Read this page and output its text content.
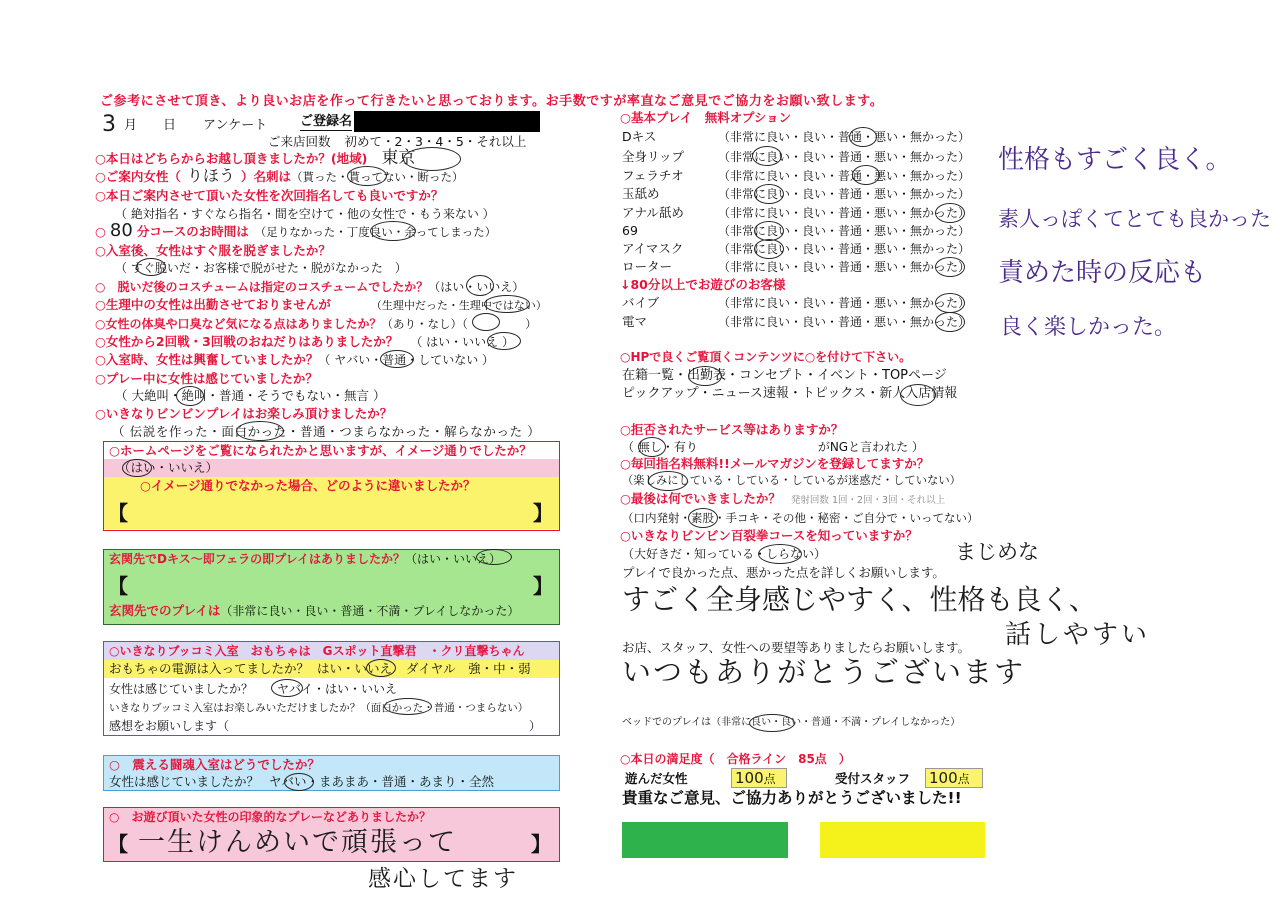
ご参考にさせて頂き、より良いお店を作って行きたいと思っております。お手数ですが率直なご意見でご協力をお願い致します。
3 月 日 アンケート	ご登録名
ご来店回数 初めて・2・3・4・5・それ以上
○本日はどちらからお越し頂きましたか？(地域) 東京
○ご案内女性（ りほう ）名刺は（貰った・貰ってない・断った）
○本日ご案内させて頂いた女性を次回指名しても良いですか？
（ 絶対指名・すぐなら指名・間を空けて・他の女性で・もう来ない ）
○ 80 分コースのお時間は （足りなかった・丁度良い・余ってしまった）
○入室後、女性はすぐ服を脱ぎましたか？
（ すぐ脱いだ・お客様で脱がせた・脱がなかった　）
○　脱いだ後のコスチュームは指定のコスチュームでしたか？（はい・いいえ）
○生理中の女性は出勤させておりませんが	（生理中だった・生理中ではない）
○女性の体臭や口臭など気になる点はありましたか？（あり・なし）（　　　　　）
○女性から2回戦・3回戦のおねだりはありましたか？ （ はい・いいえ ）
○入室時、女性は興奮していましたか？（ ヤバい・普通・していない ）
○プレー中に女性は感じていましたか？
（ 大絶叫・絶叫・普通・そうでもない・無言 ）
○いきなりビンビンプレイはお楽しみ頂けましたか？
（ 伝説を作った・面白かった・普通・つまらなかった・解らなかった ）
○ホームページをご覧になられたかと思いますが、イメージ通りでしたか？
（はい・いいえ）
○イメージ通りでなかった場合、どのように違いましたか？
【	】
玄関先でDキス〜即フェラの即プレイはありましたか？（はい・いいえ）
【	】
玄関先でのプレイは（非常に良い・良い・普通・不満・プレイしなかった）
○いきなりブッコミ入室　おもちゃは　Gスポット直撃君　・クリ直撃ちゃん
おもちゃの電源は入ってましたか？ はい・いいえ ダイヤル　強・中・弱
女性は感じていましたか？ ヤバイ・はい・いいえ
いきなりブッコミ入室はお楽しみいただけましたか？（面白かった・普通・つまらない）
感想をお願いします（	）
○　震える闘魂入室はどうでしたか？
女性は感じていましたか？ ヤバい・まあまあ・普通・あまり・全然
○　お遊び頂いた女性の印象的なプレーなどありましたか？
【 一生けんめいで頑張って	】
感心してます
○基本プレイ　無料オプション
Dキス	（非常に良い・良い・普通・悪い・無かった）
全身リップ	（非常に良い・良い・普通・悪い・無かった）
フェラチオ	（非常に良い・良い・普通・悪い・無かった）
玉舐め	（非常に良い・良い・普通・悪い・無かった）
アナル舐め	（非常に良い・良い・普通・悪い・無かった）
69	（非常に良い・良い・普通・悪い・無かった）
アイマスク	（非常に良い・良い・普通・悪い・無かった）
ローター	（非常に良い・良い・普通・悪い・無かった）
↓80分以上でお遊びのお客様
バイブ	（非常に良い・良い・普通・悪い・無かった）
電マ	（非常に良い・良い・普通・悪い・無かった）
○HPで良くご覧頂くコンテンツに○を付けて下さい。
在籍一覧・出勤表・コンセプト・イベント・TOPページ
ピックアップ・ニュース速報・トピックス・新人入店情報
○拒否されたサービス等はありますか？
（ 無し・有り　　　　　　　　　　がNGと言われた ）
○毎回指名料無料!!メールマガジンを登録してますか？
（楽しみにしている・している・しているが迷惑だ・していない）
○最後は何でいきましたか？ 発射回数 1回・2回・3回・それ以上
（口内発射・素股・手コキ・その他・秘密・ご自分で・いってない）
○いきなりビンビン百裂拳コースを知っていますか？
（大好きだ・知っている・しらない）
プレイで良かった点、悪かった点を詳しくお願いします。
まじめな
すごく全身感じやすく、性格も良く、
話しやすい
お店、スタッフ、女性への要望等ありましたらお願いします。
いつもありがとうございます
ベッドでのプレイは（非常に良い・良い・普通・不満・プレイしなかった）
○本日の満足度（　合格ライン　85点　）
遊んだ女性	100点	受付スタッフ 100点
貴重なご意見、ご協力ありがとうございました!!
性格もすごく良く。
素人っぽくてとても良かった
責めた時の反応も
良く楽しかった。
